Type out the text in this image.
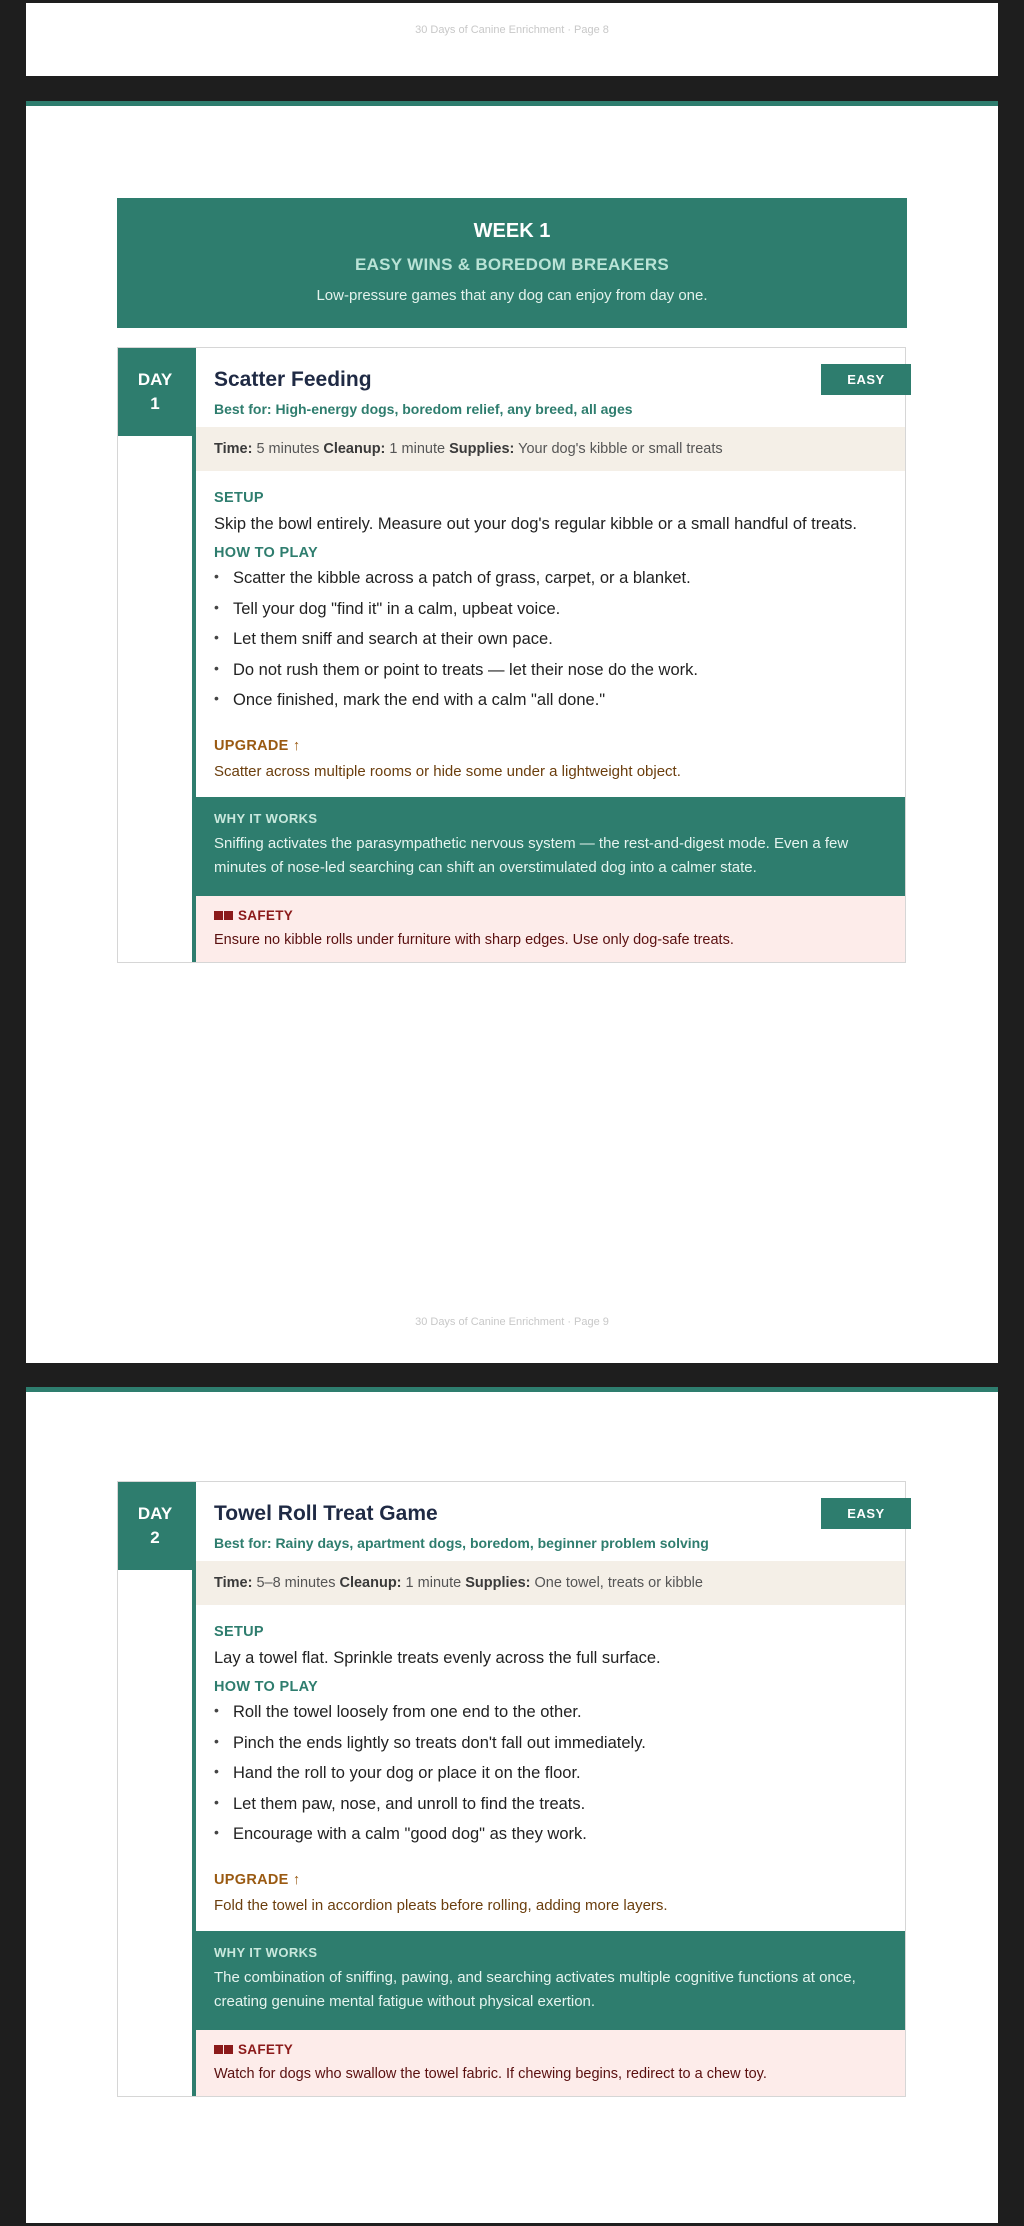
30 Days of Canine Enrichment · Page 8
WEEK 1
EASY WINS & BOREDOM BREAKERS
Low-pressure games that any dog can enjoy from day one.
DAY
1
EASY
Scatter Feeding
Best for: High-energy dogs, boredom relief, any breed, all ages
Time: 5 minutes Cleanup: 1 minute Supplies: Your dog's kibble or small treats
SETUP
Skip the bowl entirely. Measure out your dog's regular kibble or a small handful of treats.
HOW TO PLAY
• Scatter the kibble across a patch of grass, carpet, or a blanket.
• Tell your dog "find it" in a calm, upbeat voice.
• Let them sniff and search at their own pace.
• Do not rush them or point to treats — let their nose do the work.
• Once finished, mark the end with a calm "all done."
UPGRADE ↑
Scatter across multiple rooms or hide some under a lightweight object.
WHY IT WORKS
Sniffing activates the parasympathetic nervous system — the rest-and-digest mode. Even a few minutes of nose-led searching can shift an overstimulated dog into a calmer state.
SAFETY
Ensure no kibble rolls under furniture with sharp edges. Use only dog-safe treats.
30 Days of Canine Enrichment · Page 9
DAY
2
EASY
Towel Roll Treat Game
Best for: Rainy days, apartment dogs, boredom, beginner problem solving
Time: 5–8 minutes Cleanup: 1 minute Supplies: One towel, treats or kibble
SETUP
Lay a towel flat. Sprinkle treats evenly across the full surface.
HOW TO PLAY
• Roll the towel loosely from one end to the other.
• Pinch the ends lightly so treats don't fall out immediately.
• Hand the roll to your dog or place it on the floor.
• Let them paw, nose, and unroll to find the treats.
• Encourage with a calm "good dog" as they work.
UPGRADE ↑
Fold the towel in accordion pleats before rolling, adding more layers.
WHY IT WORKS
The combination of sniffing, pawing, and searching activates multiple cognitive functions at once, creating genuine mental fatigue without physical exertion.
SAFETY
Watch for dogs who swallow the towel fabric. If chewing begins, redirect to a chew toy.
